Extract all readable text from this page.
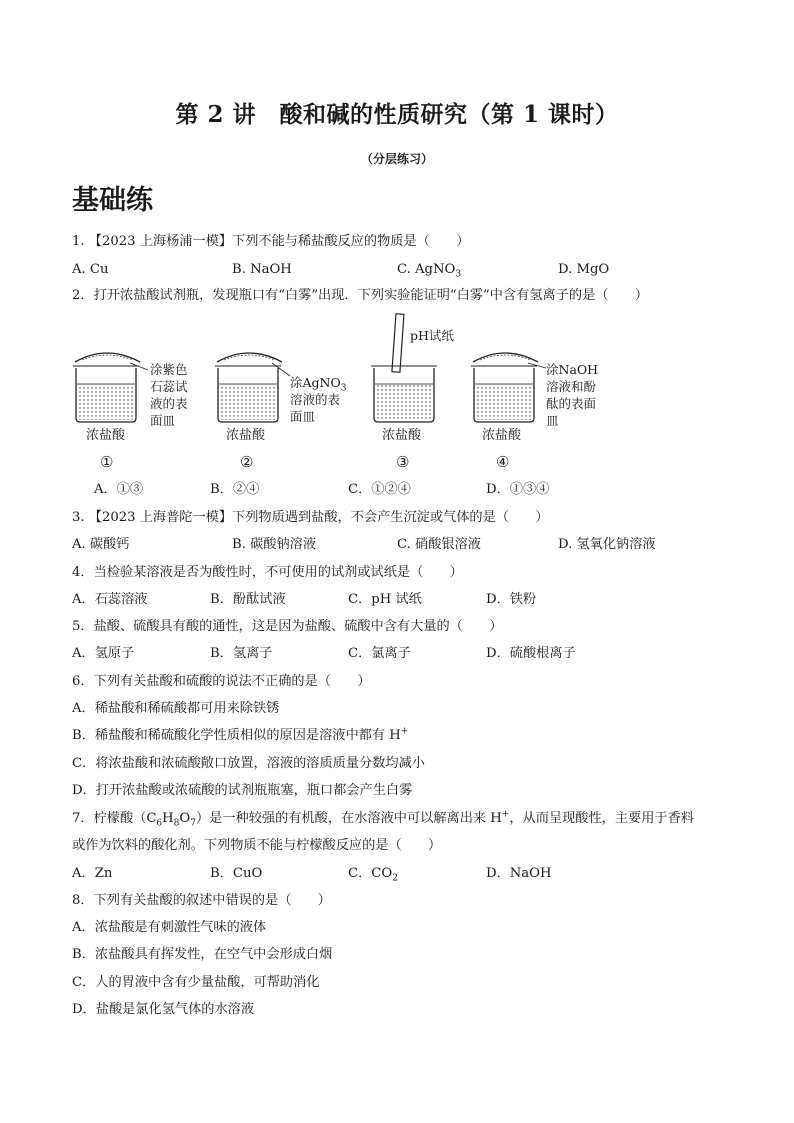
第 2 讲　酸和碱的性质研究（第 1 课时）
（分层练习）
基础练
1. 【2023 上海杨浦一模】下列不能与稀盐酸反应的物质是（　　）
A. Cu	B. NaOH	C. AgNO$_3$	D. MgO
2．打开浓盐酸试剂瓶，发现瓶口有“白雾”出现．下列实验能证明“白雾”中含有氢离子的是（　　）
涂紫色
石蕊试
液的表
面皿
浓盐酸
①
涂AgNO$_3$
溶液的表
面皿
浓盐酸
②
pH试纸
浓盐酸
③
涂NaOH
溶液和酚
酞的表面
皿
浓盐酸
④
A．①③	B．②④	C．①②④	D．①③④
3. 【2023 上海普陀一模】下列物质遇到盐酸，不会产生沉淀或气体的是（　　）
A. 碳酸钙	B. 碳酸钠溶液	C. 硝酸银溶液	D. 氢氧化钠溶液
4．当检验某溶液是否为酸性时，不可使用的试剂或试纸是（　　）
A．石蕊溶液	B．酚酞试液	C．pH 试纸	D．铁粉
5．盐酸、硫酸具有酸的通性，这是因为盐酸、硫酸中含有大量的（　　）
A．氢原子	B．氢离子	C．氯离子	D．硫酸根离子
6．下列有关盐酸和硫酸的说法不正确的是（　　）
A．稀盐酸和稀硫酸都可用来除铁锈
B．稀盐酸和稀硫酸化学性质相似的原因是溶液中都有 H+
C．将浓盐酸和浓硫酸敞口放置，溶液的溶质质量分数均减小
D．打开浓盐酸或浓硫酸的试剂瓶瓶塞，瓶口都会产生白雾
7．柠檬酸$(C_6H_8O_7)$是一种较强的有机酸，在水溶液中可以解离出来 H+，从而呈现酸性，主要用于香料
或作为饮料的酸化剂。下列物质不能与柠檬酸反应的是（　　）
A．Zn	B．CuO	C．$CO_2$	D．NaOH
8．下列有关盐酸的叙述中错误的是（　　）
A．浓盐酸是有刺激性气味的液体
B．浓盐酸具有挥发性，在空气中会形成白烟
C．人的胃液中含有少量盐酸，可帮助消化
D．盐酸是氯化氢气体的水溶液
